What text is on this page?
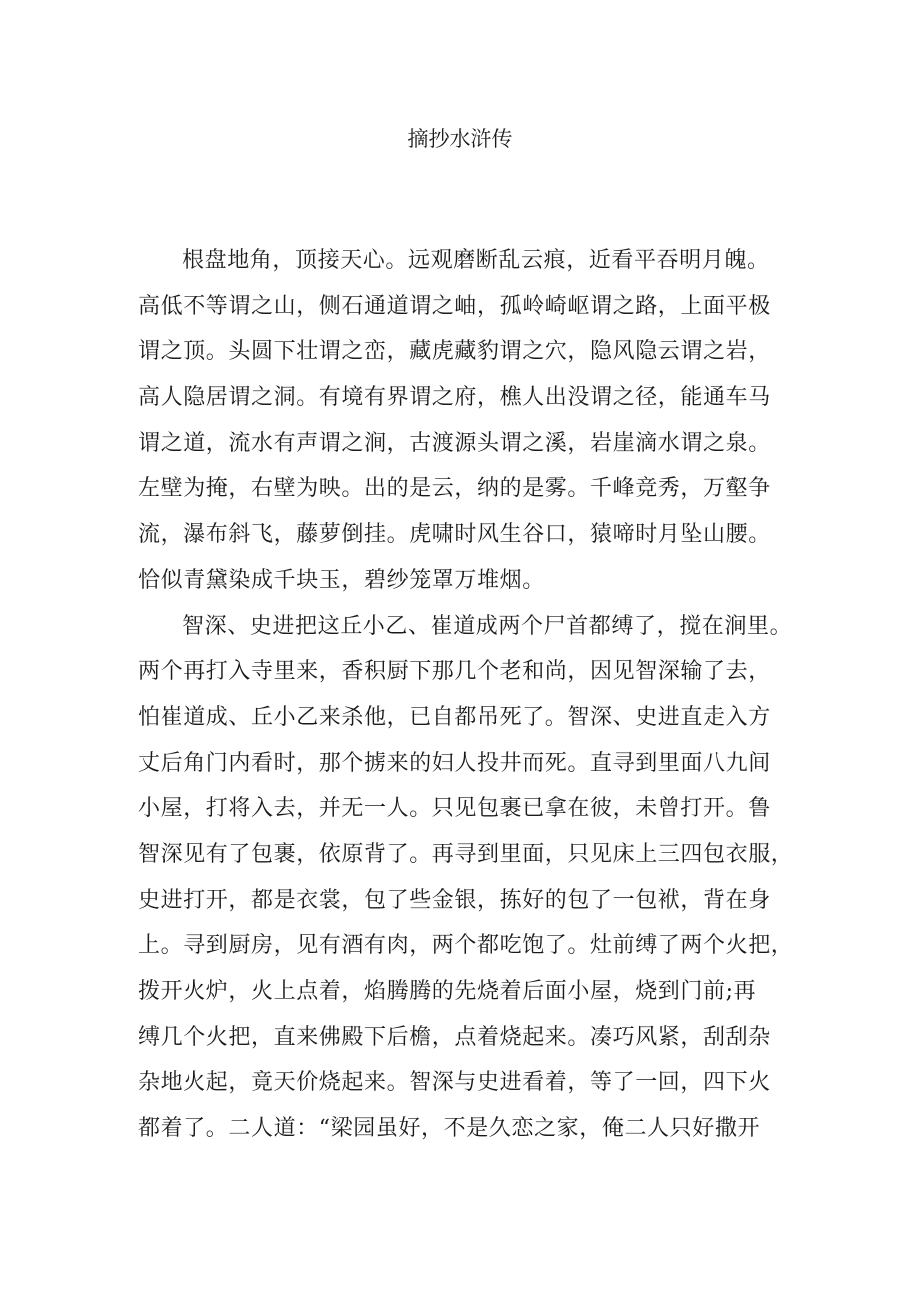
摘抄水浒传
根盘地角，顶接天心。远观磨断乱云痕，近看平吞明月魄。
高低不等谓之山，侧石通道谓之岫，孤岭崎岖谓之路，上面平极
谓之顶。头圆下壮谓之峦，藏虎藏豹谓之穴，隐风隐云谓之岩，
高人隐居谓之洞。有境有界谓之府，樵人出没谓之径，能通车马
谓之道，流水有声谓之涧，古渡源头谓之溪，岩崖滴水谓之泉。
左壁为掩，右壁为映。出的是云，纳的是雾。千峰竞秀，万壑争
流，瀑布斜飞，藤萝倒挂。虎啸时风生谷口，猿啼时月坠山腰。
恰似青黛染成千块玉，碧纱笼罩万堆烟。
智深、史进把这丘小乙、崔道成两个尸首都缚了，搅在涧里。
两个再打入寺里来，香积厨下那几个老和尚，因见智深输了去，
怕崔道成、丘小乙来杀他，已自都吊死了。智深、史进直走入方
丈后角门内看时，那个掳来的妇人投井而死。直寻到里面八九间
小屋，打将入去，并无一人。只见包裹已拿在彼，未曾打开。鲁
智深见有了包裹，依原背了。再寻到里面，只见床上三四包衣服，
史进打开，都是衣裳，包了些金银，拣好的包了一包袱，背在身
上。寻到厨房，见有酒有肉，两个都吃饱了。灶前缚了两个火把，
拨开火炉，火上点着，焰腾腾的先烧着后面小屋，烧到门前;再
缚几个火把，直来佛殿下后檐，点着烧起来。凑巧风紧，刮刮杂
杂地火起，竟天价烧起来。智深与史进看着，等了一回，四下火
都着了。二人道：“梁园虽好，不是久恋之家，俺二人只好撒开
